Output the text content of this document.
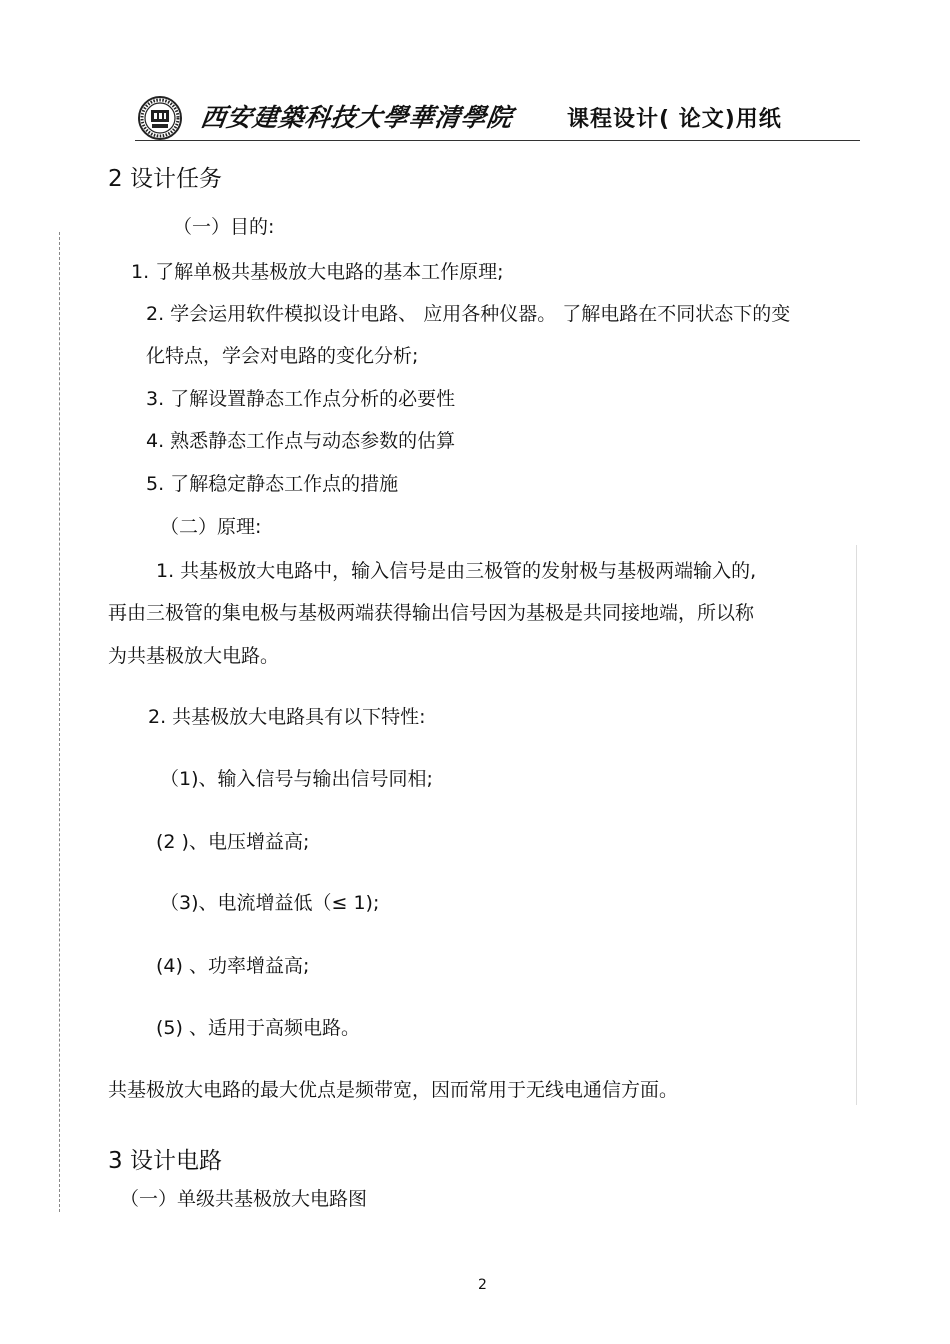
西安建築科技大學華清學院 课程设计( 论文)用纸
2 设计任务
（一）目的:
1. 了解单极共基极放大电路的基本工作原理;
2. 学会运用软件模拟设计电路、 应用各种仪器。 了解电路在不同状态下的变
化特点，学会对电路的变化分析;
3. 了解设置静态工作点分析的必要性
4. 熟悉静态工作点与动态参数的估算
5. 了解稳定静态工作点的措施
（二）原理:
1. 共基极放大电路中，输入信号是由三极管的发射极与基极两端输入的,
再由三极管的集电极与基极两端获得输出信号因为基极是共同接地端，所以称
为共基极放大电路。
2. 共基极放大电路具有以下特性:
（1)、输入信号与输出信号同相;
(2 )、电压增益高;
（3)、电流增益低（≤ 1);
(4) 、功率增益高;
(5) 、适用于高频电路。
共基极放大电路的最大优点是频带宽，因而常用于无线电通信方面。
3 设计电路
（一）单级共基极放大电路图
2
